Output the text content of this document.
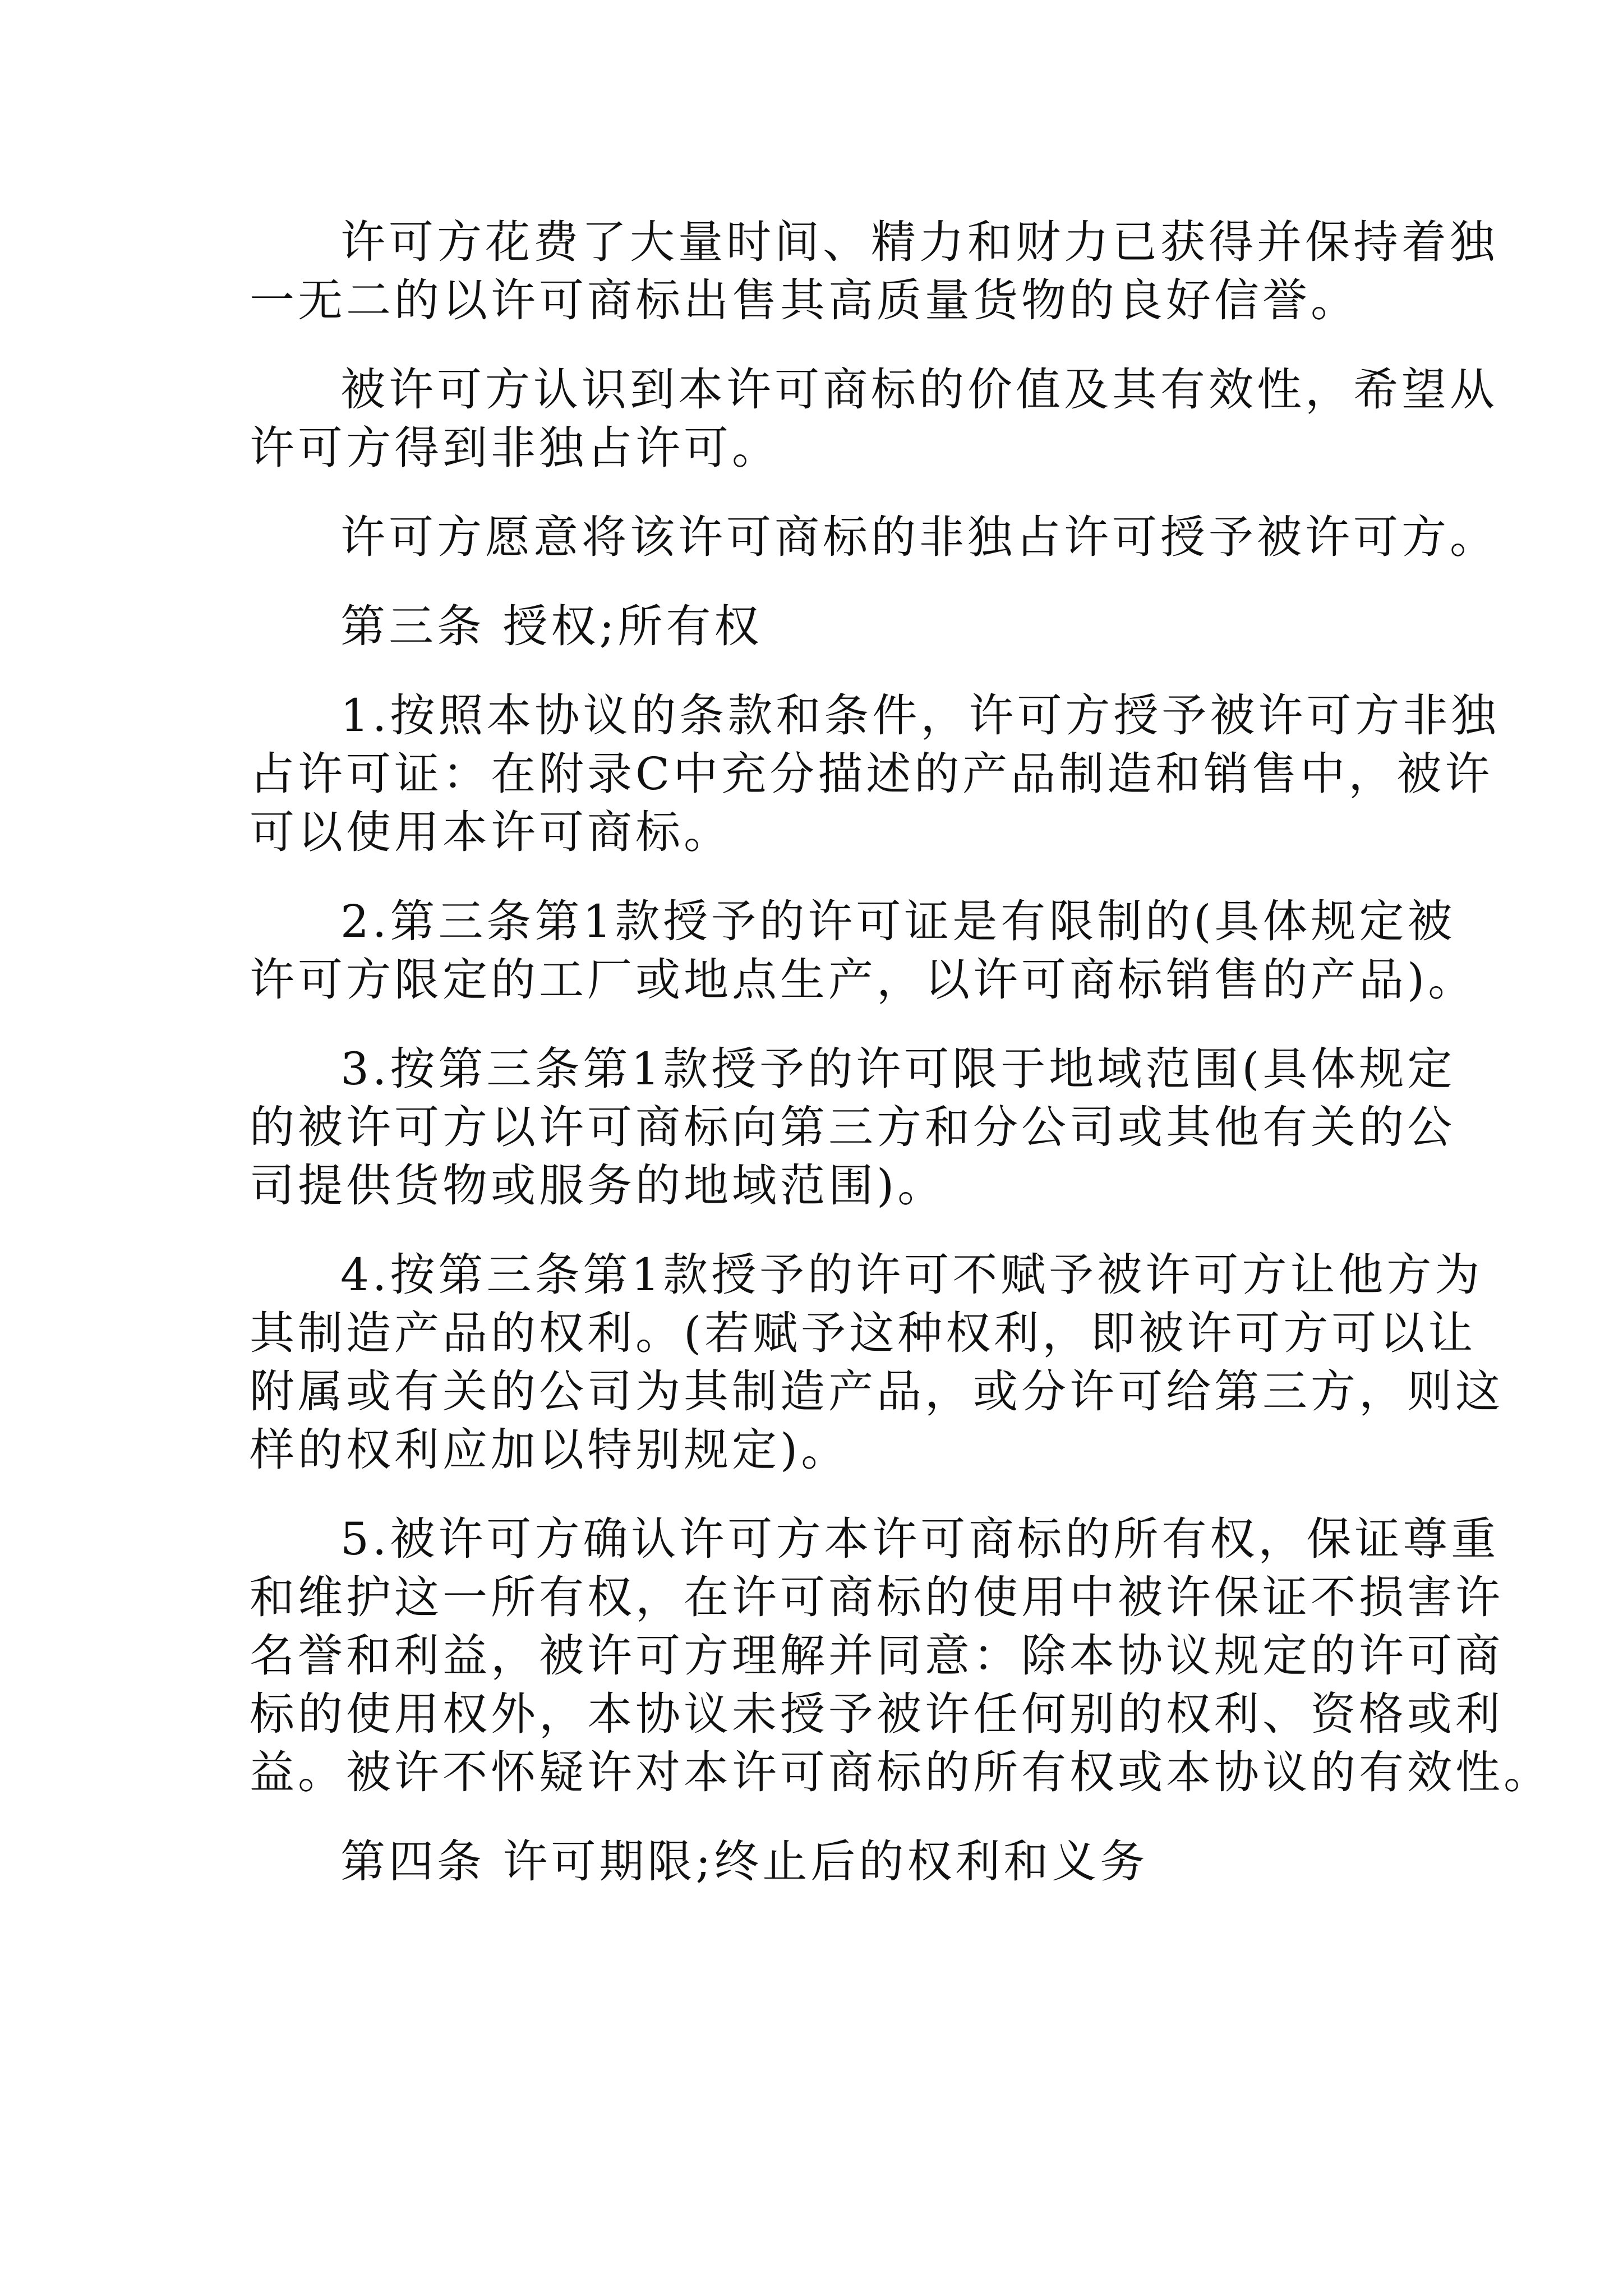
许可方花费了大量时间、精力和财力已获得并保持着独
一无二的以许可商标出售其高质量货物的良好信誉。
被许可方认识到本许可商标的价值及其有效性，希望从
许可方得到非独占许可。
许可方愿意将该许可商标的非独占许可授予被许可方。
第三条 授权;所有权
1.按照本协议的条款和条件，许可方授予被许可方非独
占许可证：在附录C中充分描述的产品制造和销售中，被许
可以使用本许可商标。
2.第三条第1款授予的许可证是有限制的(具体规定被
许可方限定的工厂或地点生产，以许可商标销售的产品)。
3.按第三条第1款授予的许可限于地域范围(具体规定
的被许可方以许可商标向第三方和分公司或其他有关的公
司提供货物或服务的地域范围)。
4.按第三条第1款授予的许可不赋予被许可方让他方为
其制造产品的权利。(若赋予这种权利，即被许可方可以让
附属或有关的公司为其制造产品，或分许可给第三方，则这
样的权利应加以特别规定)。
5.被许可方确认许可方本许可商标的所有权，保证尊重
和维护这一所有权，在许可商标的使用中被许保证不损害许
名誉和利益，被许可方理解并同意：除本协议规定的许可商
标的使用权外，本协议未授予被许任何别的权利、资格或利
益。被许不怀疑许对本许可商标的所有权或本协议的有效性。
第四条 许可期限;终止后的权利和义务
